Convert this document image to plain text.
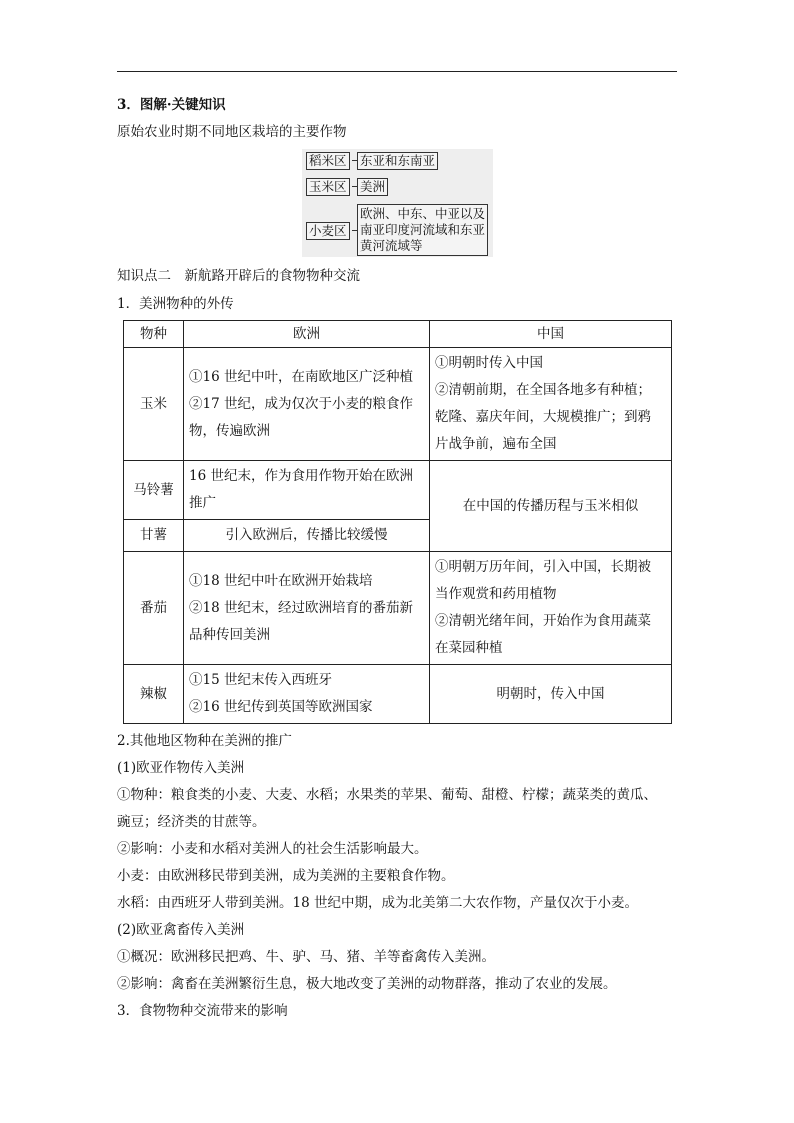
3．图解·关键知识
原始农业时期不同地区栽培的主要作物
稻米区 东亚和东南亚
玉米区 美洲
小麦区
欧洲、中东、中亚以及
南亚印度河流域和东亚
黄河流域等
知识点二　新航路开辟后的食物物种交流
1．美洲物种的外传
物种	欧洲	中国
玉米	①16 世纪中叶，在南欧地区广泛种植
②17 世纪，成为仅次于小麦的粮食作
物，传遍欧洲	①明朝时传入中国
②清朝前期，在全国各地多有种植；
乾隆、嘉庆年间，大规模推广；到鸦
片战争前，遍布全国

马铃薯	16 世纪末，作为食用作物开始在欧洲
推广	在中国的传播历程与玉米相似
甘薯	引入欧洲后，传播比较缓慢	
番茄	①18 世纪中叶在欧洲开始栽培
②18 世纪末，经过欧洲培育的番茄新
品种传回美洲	①明朝万历年间，引入中国，长期被
当作观赏和药用植物
②清朝光绪年间，开始作为食用蔬菜
在菜园种植

辣椒	①15 世纪末传入西班牙
②16 世纪传到英国等欧洲国家	明朝时，传入中国
2.其他地区物种在美洲的推广
(1)欧亚作物传入美洲
①物种：粮食类的小麦、大麦、水稻；水果类的苹果、葡萄、甜橙、柠檬；蔬菜类的黄瓜、
豌豆；经济类的甘蔗等。
②影响：小麦和水稻对美洲人的社会生活影响最大。
小麦：由欧洲移民带到美洲，成为美洲的主要粮食作物。
水稻：由西班牙人带到美洲。18 世纪中期，成为北美第二大农作物，产量仅次于小麦。
(2)欧亚禽畜传入美洲
①概况：欧洲移民把鸡、牛、驴、马、猪、羊等畜禽传入美洲。
②影响：禽畜在美洲繁衍生息，极大地改变了美洲的动物群落，推动了农业的发展。
3．食物物种交流带来的影响
